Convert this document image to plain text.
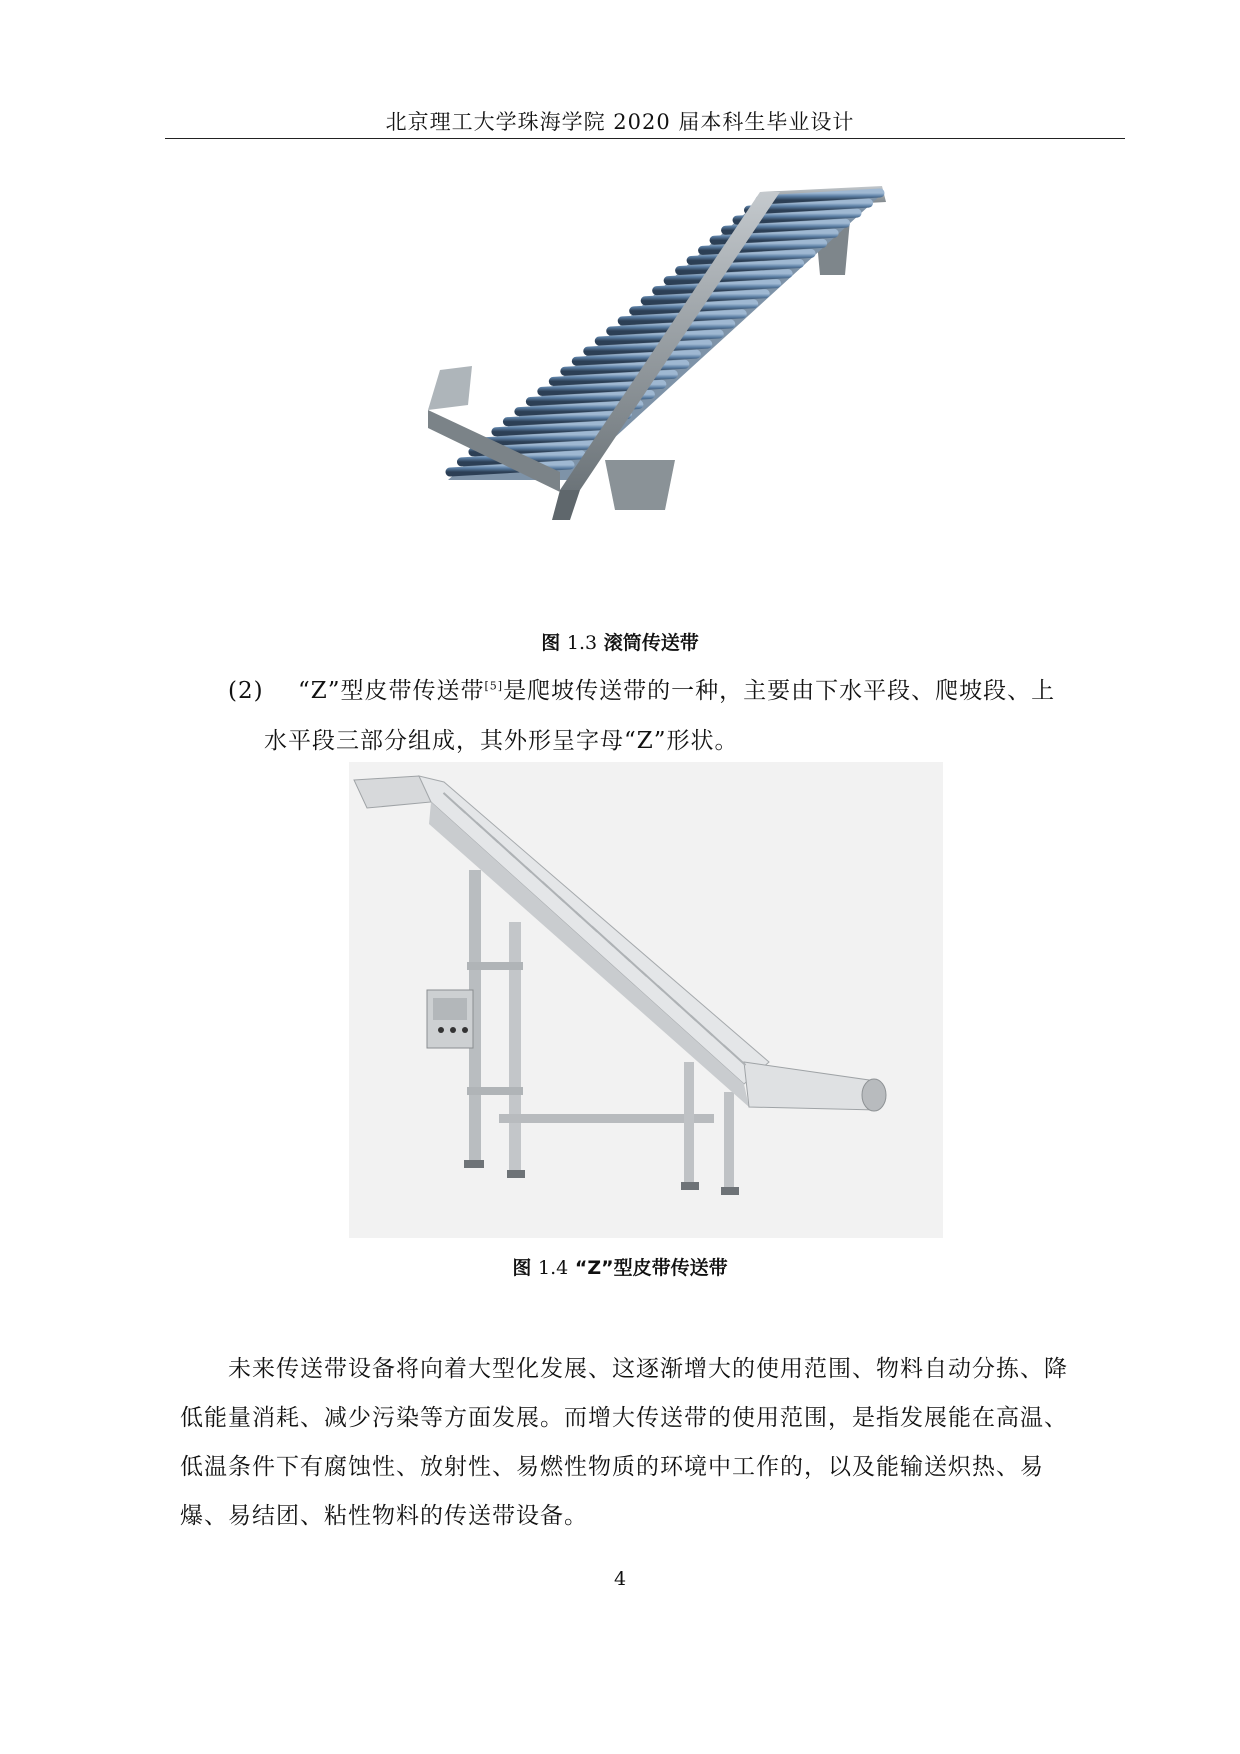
北京理工大学珠海学院 2020 届本科生毕业设计
图 1.3 滚筒传送带
(2) “Z”型皮带传送带[5]是爬坡传送带的一种，主要由下水平段、爬坡段、上
水平段三部分组成，其外形呈字母“Z”形状。
图 1.4 “Z”型皮带传送带
未来传送带设备将向着大型化发展、这逐渐增大的使用范围、物料自动分拣、降
低能量消耗、减少污染等方面发展。而增大传送带的使用范围，是指发展能在高温、
低温条件下有腐蚀性、放射性、易燃性物质的环境中工作的，以及能输送炽热、易
爆、易结团、粘性物料的传送带设备。
4
